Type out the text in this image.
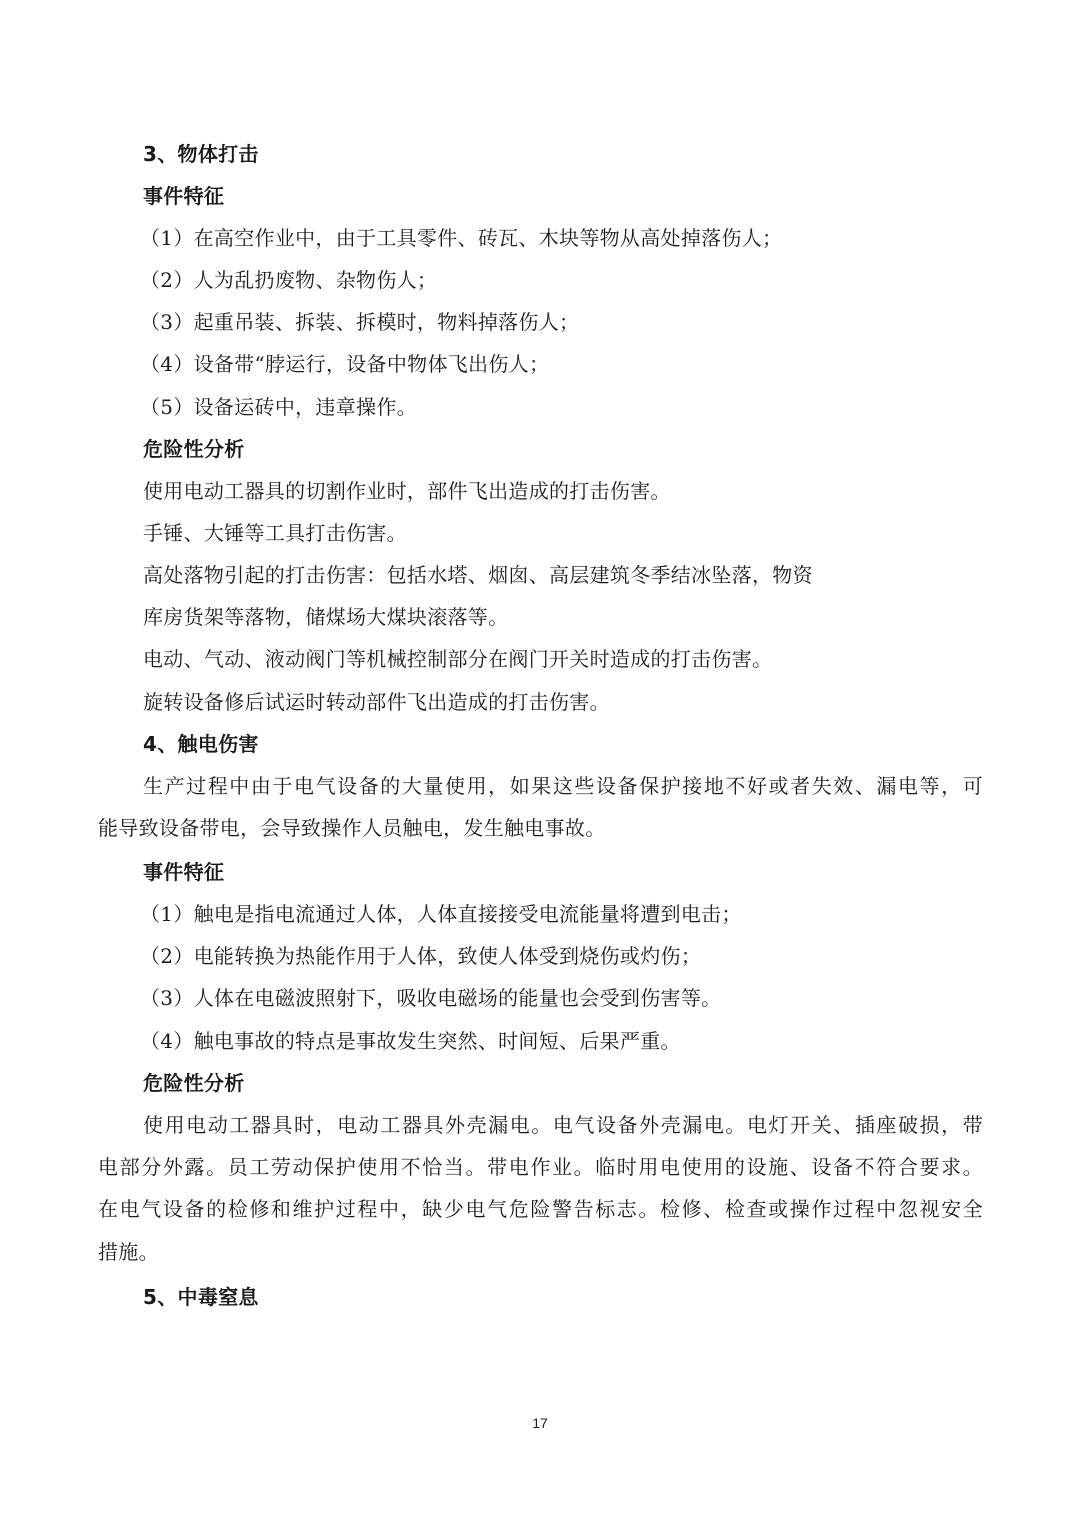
3、物体打击
事件特征
（1）在高空作业中，由于工具零件、砖瓦、木块等物从高处掉落伤人；
（2）人为乱扔废物、杂物伤人；
（3）起重吊装、拆装、拆模时，物料掉落伤人；
（4）设备带“脖运行，设备中物体飞出伤人；
（5）设备运砖中，违章操作。
危险性分析
使用电动工器具的切割作业时，部件飞出造成的打击伤害。
手锤、大锤等工具打击伤害。
高处落物引起的打击伤害：包括水塔、烟囱、高层建筑冬季结冰坠落，物资
库房货架等落物，储煤场大煤块滚落等。
电动、气动、液动阀门等机械控制部分在阀门开关时造成的打击伤害。
旋转设备修后试运时转动部件飞出造成的打击伤害。
4、触电伤害
生产过程中由于电气设备的大量使用，如果这些设备保护接地不好或者失效、漏电等，可
能导致设备带电，会导致操作人员触电，发生触电事故。
事件特征
（1）触电是指电流通过人体，人体直接接受电流能量将遭到电击；
（2）电能转换为热能作用于人体，致使人体受到烧伤或灼伤；
（3）人体在电磁波照射下，吸收电磁场的能量也会受到伤害等。
（4）触电事故的特点是事故发生突然、时间短、后果严重。
危险性分析
使用电动工器具时，电动工器具外壳漏电。电气设备外壳漏电。电灯开关、插座破损，带
电部分外露。员工劳动保护使用不恰当。带电作业。临时用电使用的设施、设备不符合要求。
在电气设备的检修和维护过程中，缺少电气危险警告标志。检修、检查或操作过程中忽视安全
措施。
5、中毒窒息
17
